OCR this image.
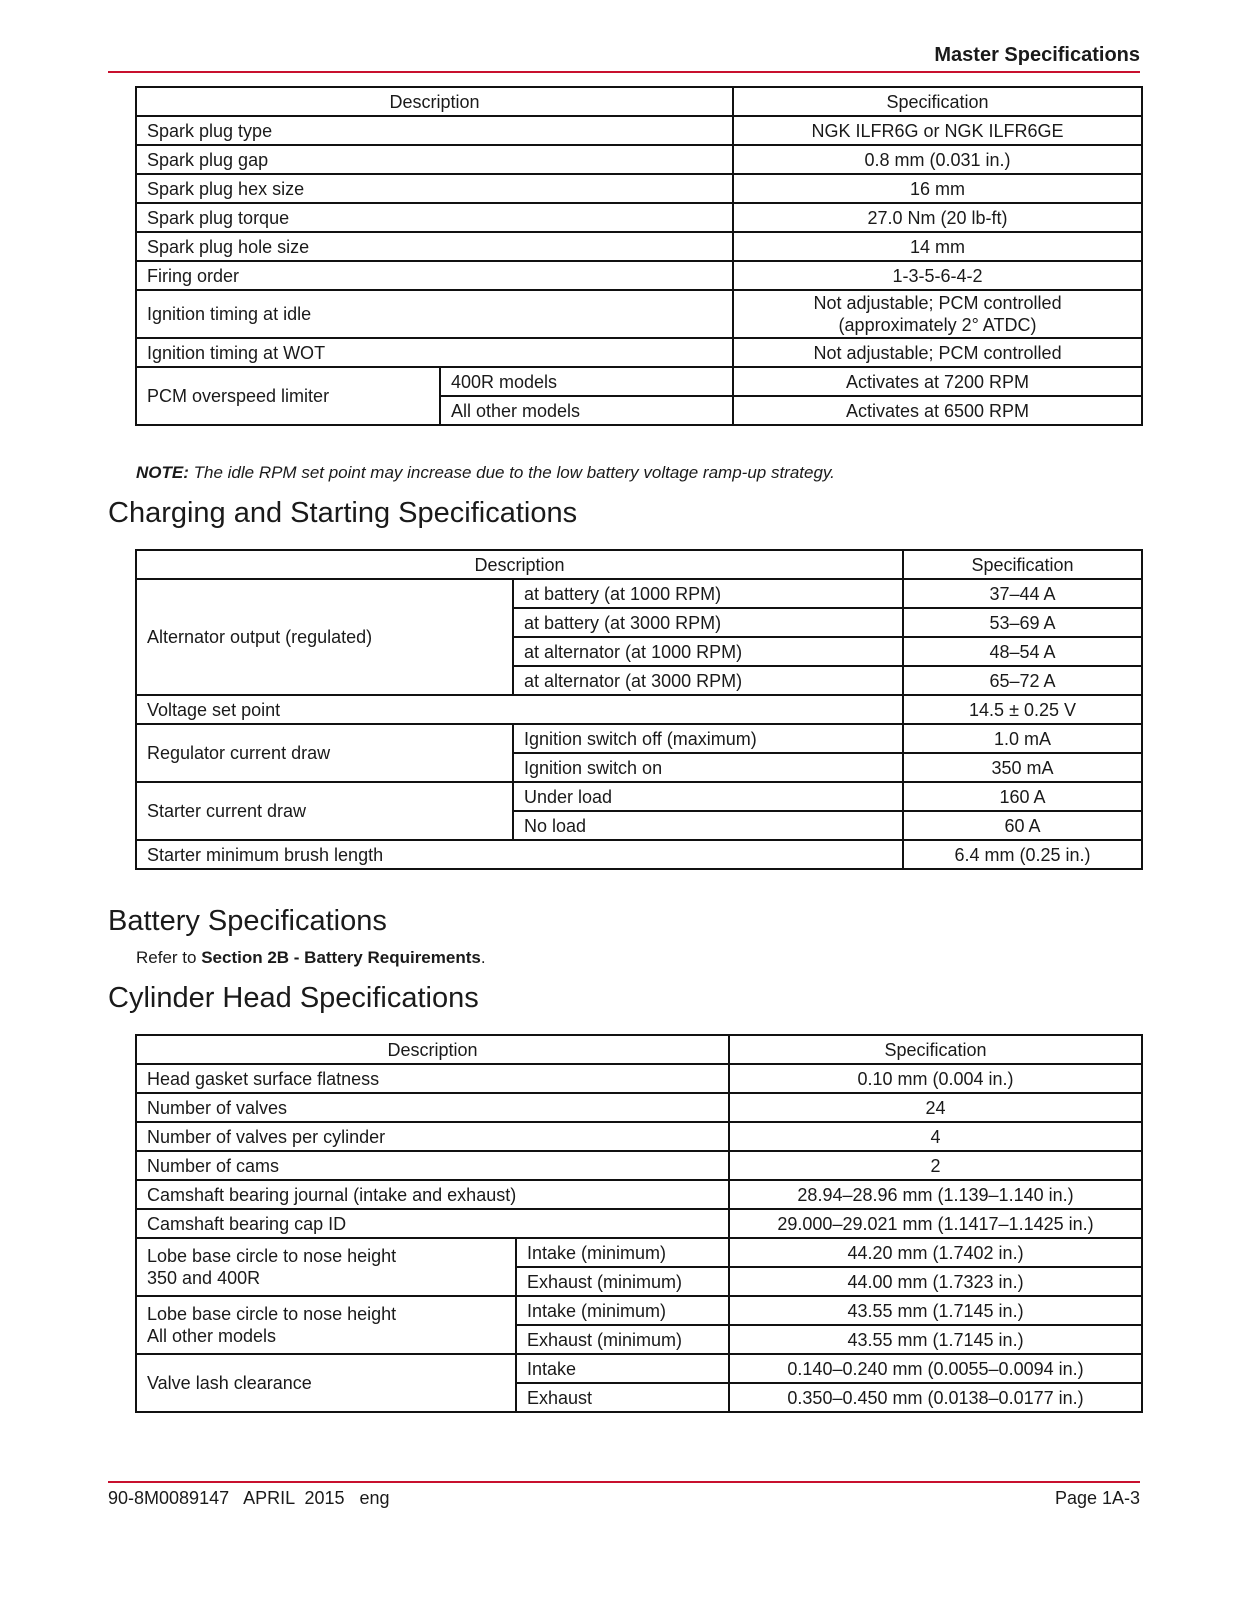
Master Specifications
Description		Specification
Spark plug type		NGK ILFR6G or NGK ILFR6GE
Spark plug gap		0.8 mm (0.031 in.)
Spark plug hex size		16 mm
Spark plug torque		27.0 Nm (20 lb-ft)
Spark plug hole size		14 mm
Firing order		1-3-5-6-4-2
Ignition timing at idle		Not adjustable; PCM controlled
(approximately 2° ATDC)

Ignition timing at WOT		Not adjustable; PCM controlled
PCM overspeed limiter	400R models	Activates at 7200 RPM
	All other models	Activates at 6500 RPM
NOTE: The idle RPM set point may increase due to the low battery voltage ramp-up strategy.
Charging and Starting Specifications
Description		Specification
Alternator output (regulated)	at battery (at 1000 RPM)	37–44 A
	at battery (at 3000 RPM)	53–69 A
	at alternator (at 1000 RPM)	48–54 A
	at alternator (at 3000 RPM)	65–72 A
Voltage set point		14.5 ± 0.25 V
Regulator current draw	Ignition switch off (maximum)	1.0 mA
	Ignition switch on	350 mA
Starter current draw	Under load	160 A
	No load	60 A
Starter minimum brush length		6.4 mm (0.25 in.)
Battery Specifications
Refer to Section 2B - Battery Requirements.
Cylinder Head Specifications
Description		Specification
Head gasket surface flatness		0.10 mm (0.004 in.)
Number of valves		24
Number of valves per cylinder		4
Number of cams		2
Camshaft bearing journal (intake and exhaust)		28.94–28.96 mm (1.139–1.140 in.)
Camshaft bearing cap ID		29.000–29.021 mm (1.1417–1.1425 in.)

Lobe base circle to nose height
350 and 400R	Intake (minimum)	44.20 mm (1.7402 in.)
	Exhaust (minimum)	44.00 mm (1.7323 in.)

Lobe base circle to nose height
All other models	Intake (minimum)	43.55 mm (1.7145 in.)
	Exhaust (minimum)	43.55 mm (1.7145 in.)
Valve lash clearance	Intake	0.140–0.240 mm (0.0055–0.0094 in.)
	Exhaust	0.350–0.450 mm (0.0138–0.0177 in.)
90-8M0089147   APRIL  2015   eng	Page 1A-3
